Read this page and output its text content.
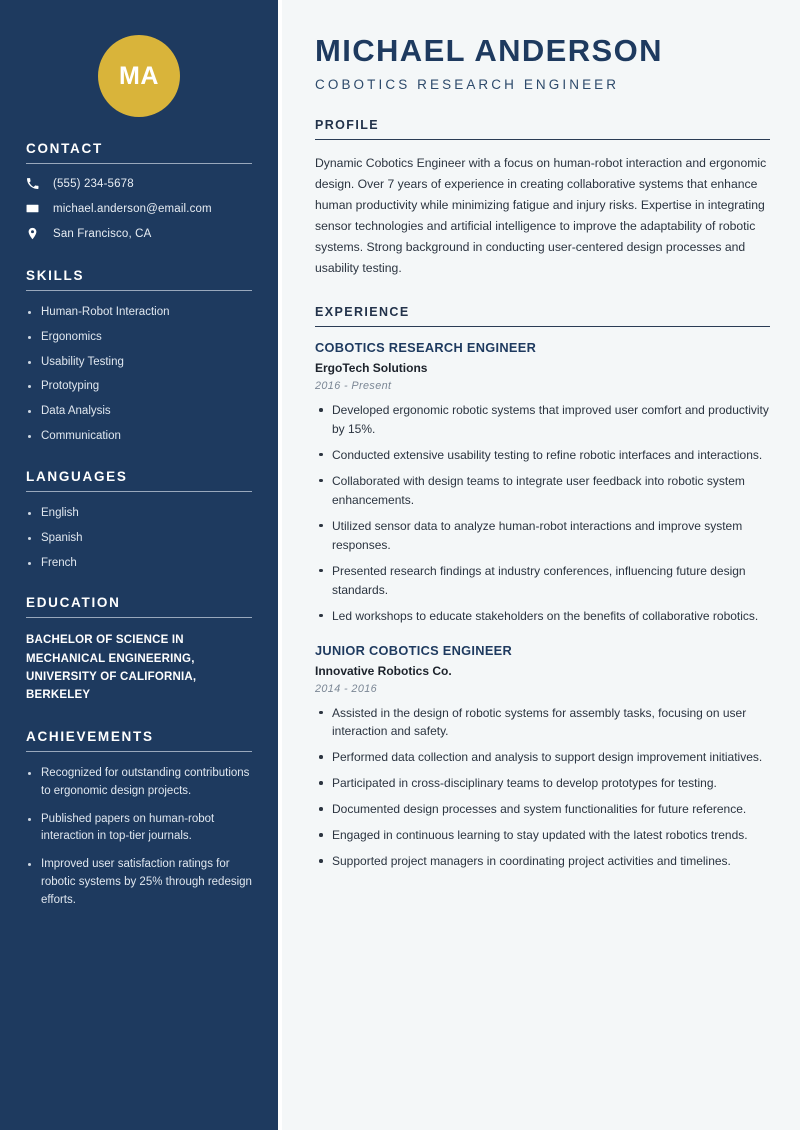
MA
CONTACT
(555) 234-5678
michael.anderson@email.com
San Francisco, CA
SKILLS
Human-Robot Interaction
Ergonomics
Usability Testing
Prototyping
Data Analysis
Communication
LANGUAGES
English
Spanish
French
EDUCATION
BACHELOR OF SCIENCE IN MECHANICAL ENGINEERING, UNIVERSITY OF CALIFORNIA, BERKELEY
ACHIEVEMENTS
Recognized for outstanding contributions to ergonomic design projects.
Published papers on human-robot interaction in top-tier journals.
Improved user satisfaction ratings for robotic systems by 25% through redesign efforts.
MICHAEL ANDERSON
COBOTICS RESEARCH ENGINEER
PROFILE

Dynamic Cobotics Engineer with a focus on human-robot interaction and ergonomic design. Over 7 years of experience in creating collaborative systems that enhance human productivity while minimizing fatigue and injury risks. Expertise in integrating sensor technologies and artificial intelligence to improve the adaptability of robotic systems. Strong background in conducting user-centered design processes and usability testing.

EXPERIENCE
COBOTICS RESEARCH ENGINEER
ErgoTech Solutions
2016 - Present
Developed ergonomic robotic systems that improved user comfort and productivity by 15%.
Conducted extensive usability testing to refine robotic interfaces and interactions.
Collaborated with design teams to integrate user feedback into robotic system enhancements.
Utilized sensor data to analyze human-robot interactions and improve system responses.
Presented research findings at industry conferences, influencing future design standards.
Led workshops to educate stakeholders on the benefits of collaborative robotics.
JUNIOR COBOTICS ENGINEER
Innovative Robotics Co.
2014 - 2016
Assisted in the design of robotic systems for assembly tasks, focusing on user interaction and safety.
Performed data collection and analysis to support design improvement initiatives.
Participated in cross-disciplinary teams to develop prototypes for testing.
Documented design processes and system functionalities for future reference.
Engaged in continuous learning to stay updated with the latest robotics trends.
Supported project managers in coordinating project activities and timelines.
